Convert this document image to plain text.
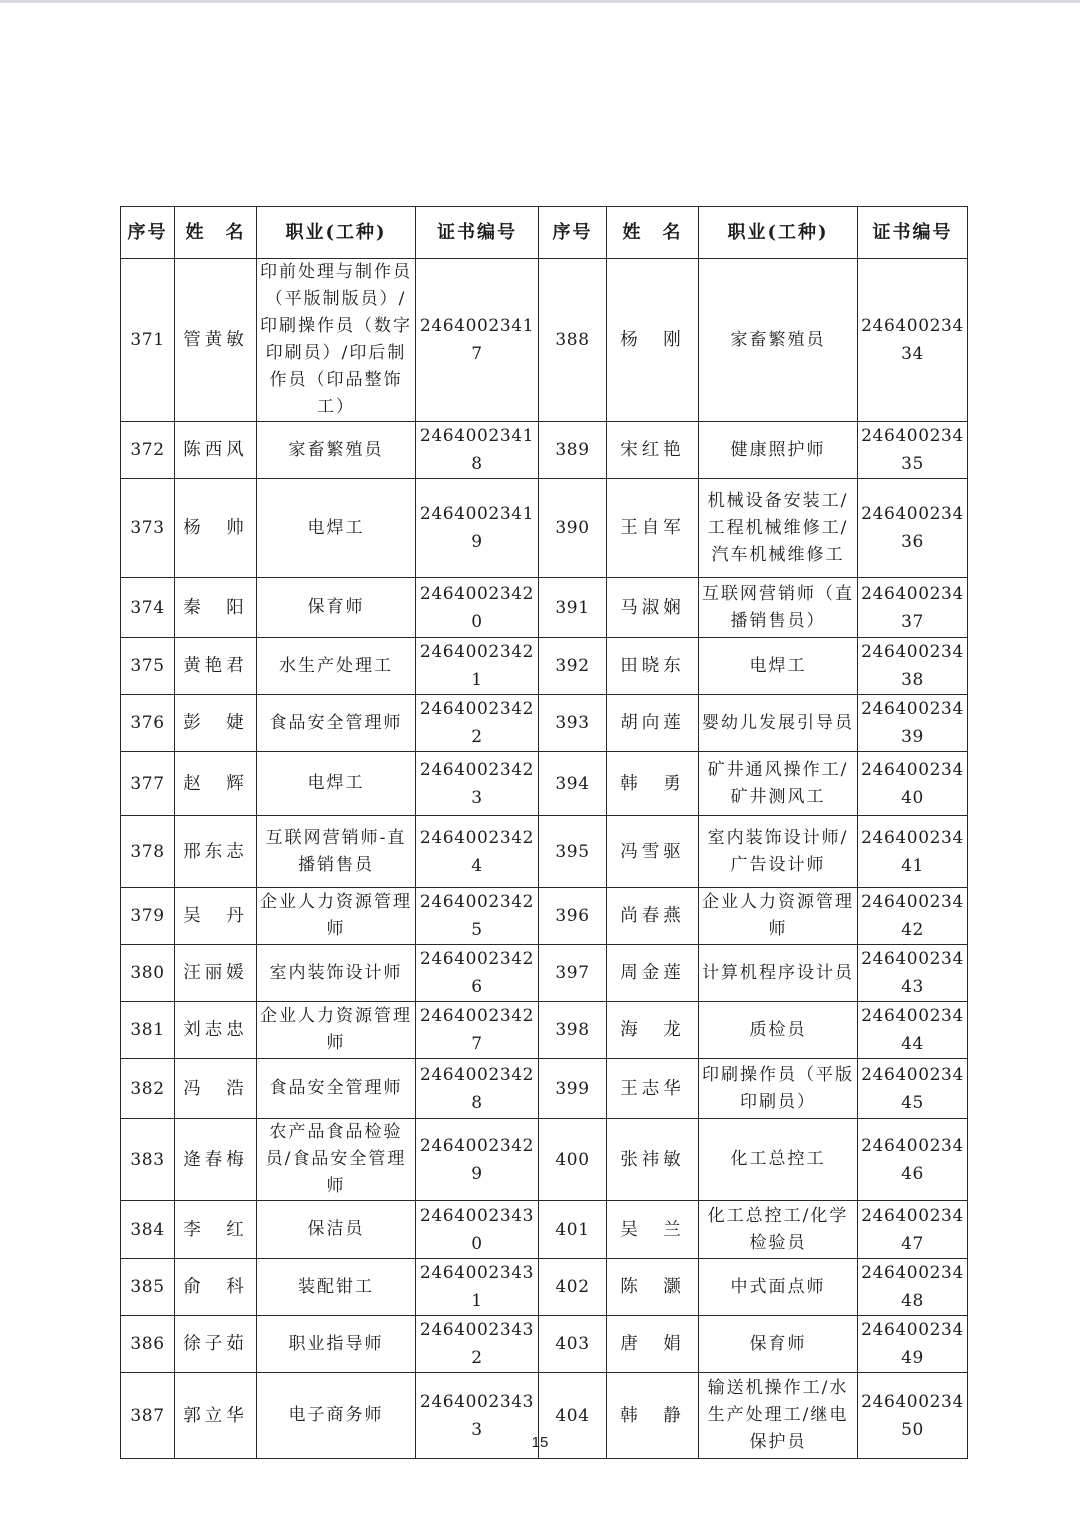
序号	姓　名	职业(工种)	证书编号	序号	姓　名	职业(工种)	证书编号
371	管黄敏	印前处理与制作员（平版制版员）/印刷操作员（数字印刷员）/印后制作员（印品整饰工）	24640023417	388	杨　刚	家畜繁殖员	24640023434
372	陈西风	家畜繁殖员	24640023418	389	宋红艳	健康照护师	24640023435
373	杨　帅	电焊工	24640023419	390	王自军	机械设备安装工/工程机械维修工/汽车机械维修工	24640023436
374	秦　阳	保育师	24640023420	391	马淑娴	互联网营销师（直播销售员）	24640023437
375	黄艳君	水生产处理工	24640023421	392	田晓东	电焊工	24640023438
376	彭　婕	食品安全管理师	24640023422	393	胡向莲	婴幼儿发展引导员	24640023439
377	赵　辉	电焊工	24640023423	394	韩　勇	矿井通风操作工/矿井测风工	24640023440
378	邢东志	互联网营销师-直播销售员	24640023424	395	冯雪驱	室内装饰设计师/广告设计师	24640023441
379	吴　丹	企业人力资源管理师	24640023425	396	尚春燕	企业人力资源管理师	24640023442
380	汪丽媛	室内装饰设计师	24640023426	397	周金莲	计算机程序设计员	24640023443
381	刘志忠	企业人力资源管理师	24640023427	398	海　龙	质检员	24640023444
382	冯　浩	食品安全管理师	24640023428	399	王志华	印刷操作员（平版印刷员）	24640023445
383	逄春梅	农产品食品检验员/食品安全管理师	24640023429	400	张祎敏	化工总控工	24640023446
384	李　红	保洁员	24640023430	401	吴　兰	化工总控工/化学检验员	24640023447
385	俞　科	装配钳工	24640023431	402	陈　灏	中式面点师	24640023448
386	徐子茹	职业指导师	24640023432	403	唐　娟	保育师	24640023449
387	郭立华	电子商务师	24640023433	404	韩　静	输送机操作工/水生产处理工/继电保护员	24640023450
15
